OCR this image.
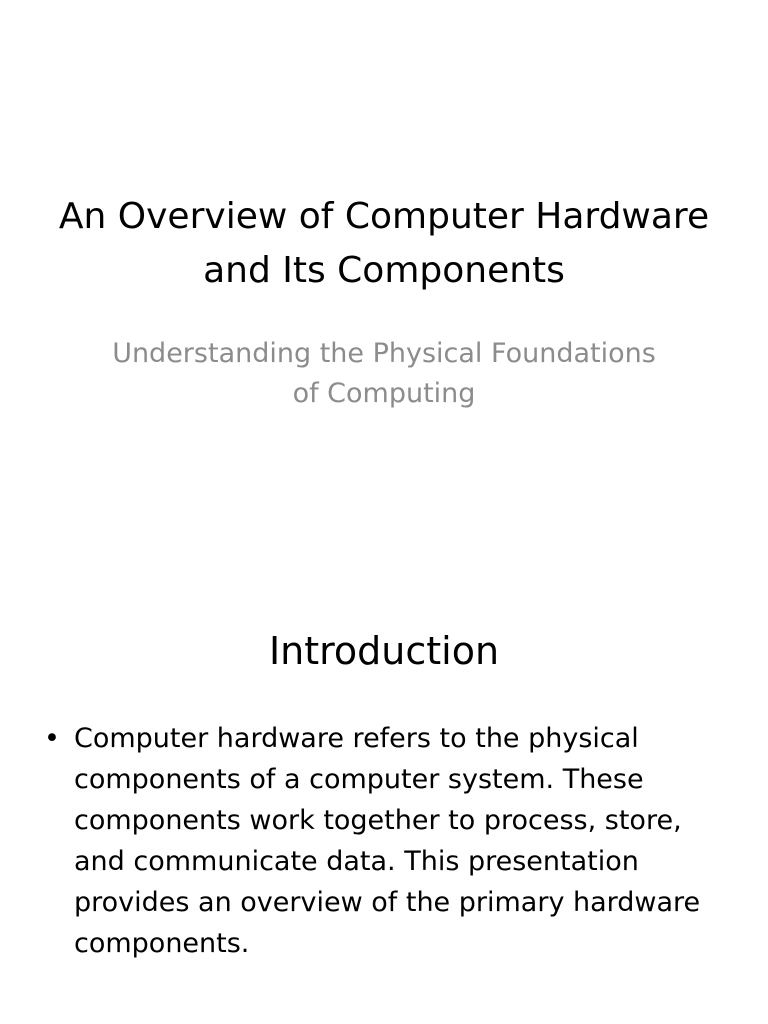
An Overview of Computer Hardware and Its Components
Understanding the Physical Foundations of Computing
Introduction
• Computer hardware refers to the physical components of a computer system. These components work together to process, store, and communicate data. This presentation provides an overview of the primary hardware components.
